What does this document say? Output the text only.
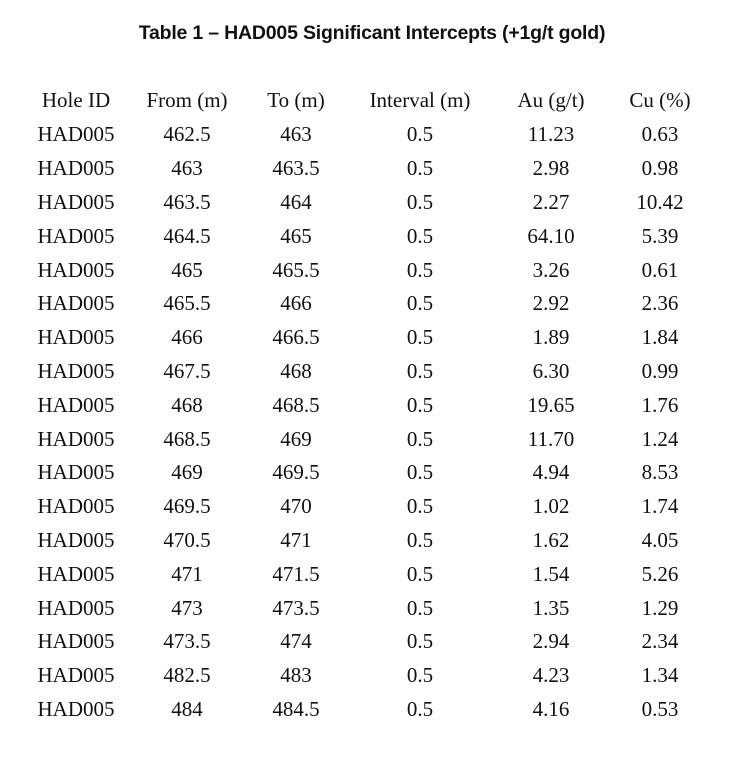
Table 1 – HAD005 Significant Intercepts (+1g/t gold)
Hole ID	From (m)	To (m)	Interval (m)	Au (g/t)	Cu (%)
HAD005	462.5	463	0.5	11.23	0.63
HAD005	463	463.5	0.5	2.98	0.98
HAD005	463.5	464	0.5	2.27	10.42
HAD005	464.5	465	0.5	64.10	5.39
HAD005	465	465.5	0.5	3.26	0.61
HAD005	465.5	466	0.5	2.92	2.36
HAD005	466	466.5	0.5	1.89	1.84
HAD005	467.5	468	0.5	6.30	0.99
HAD005	468	468.5	0.5	19.65	1.76
HAD005	468.5	469	0.5	11.70	1.24
HAD005	469	469.5	0.5	4.94	8.53
HAD005	469.5	470	0.5	1.02	1.74
HAD005	470.5	471	0.5	1.62	4.05
HAD005	471	471.5	0.5	1.54	5.26
HAD005	473	473.5	0.5	1.35	1.29
HAD005	473.5	474	0.5	2.94	2.34
HAD005	482.5	483	0.5	4.23	1.34
HAD005	484	484.5	0.5	4.16	0.53
